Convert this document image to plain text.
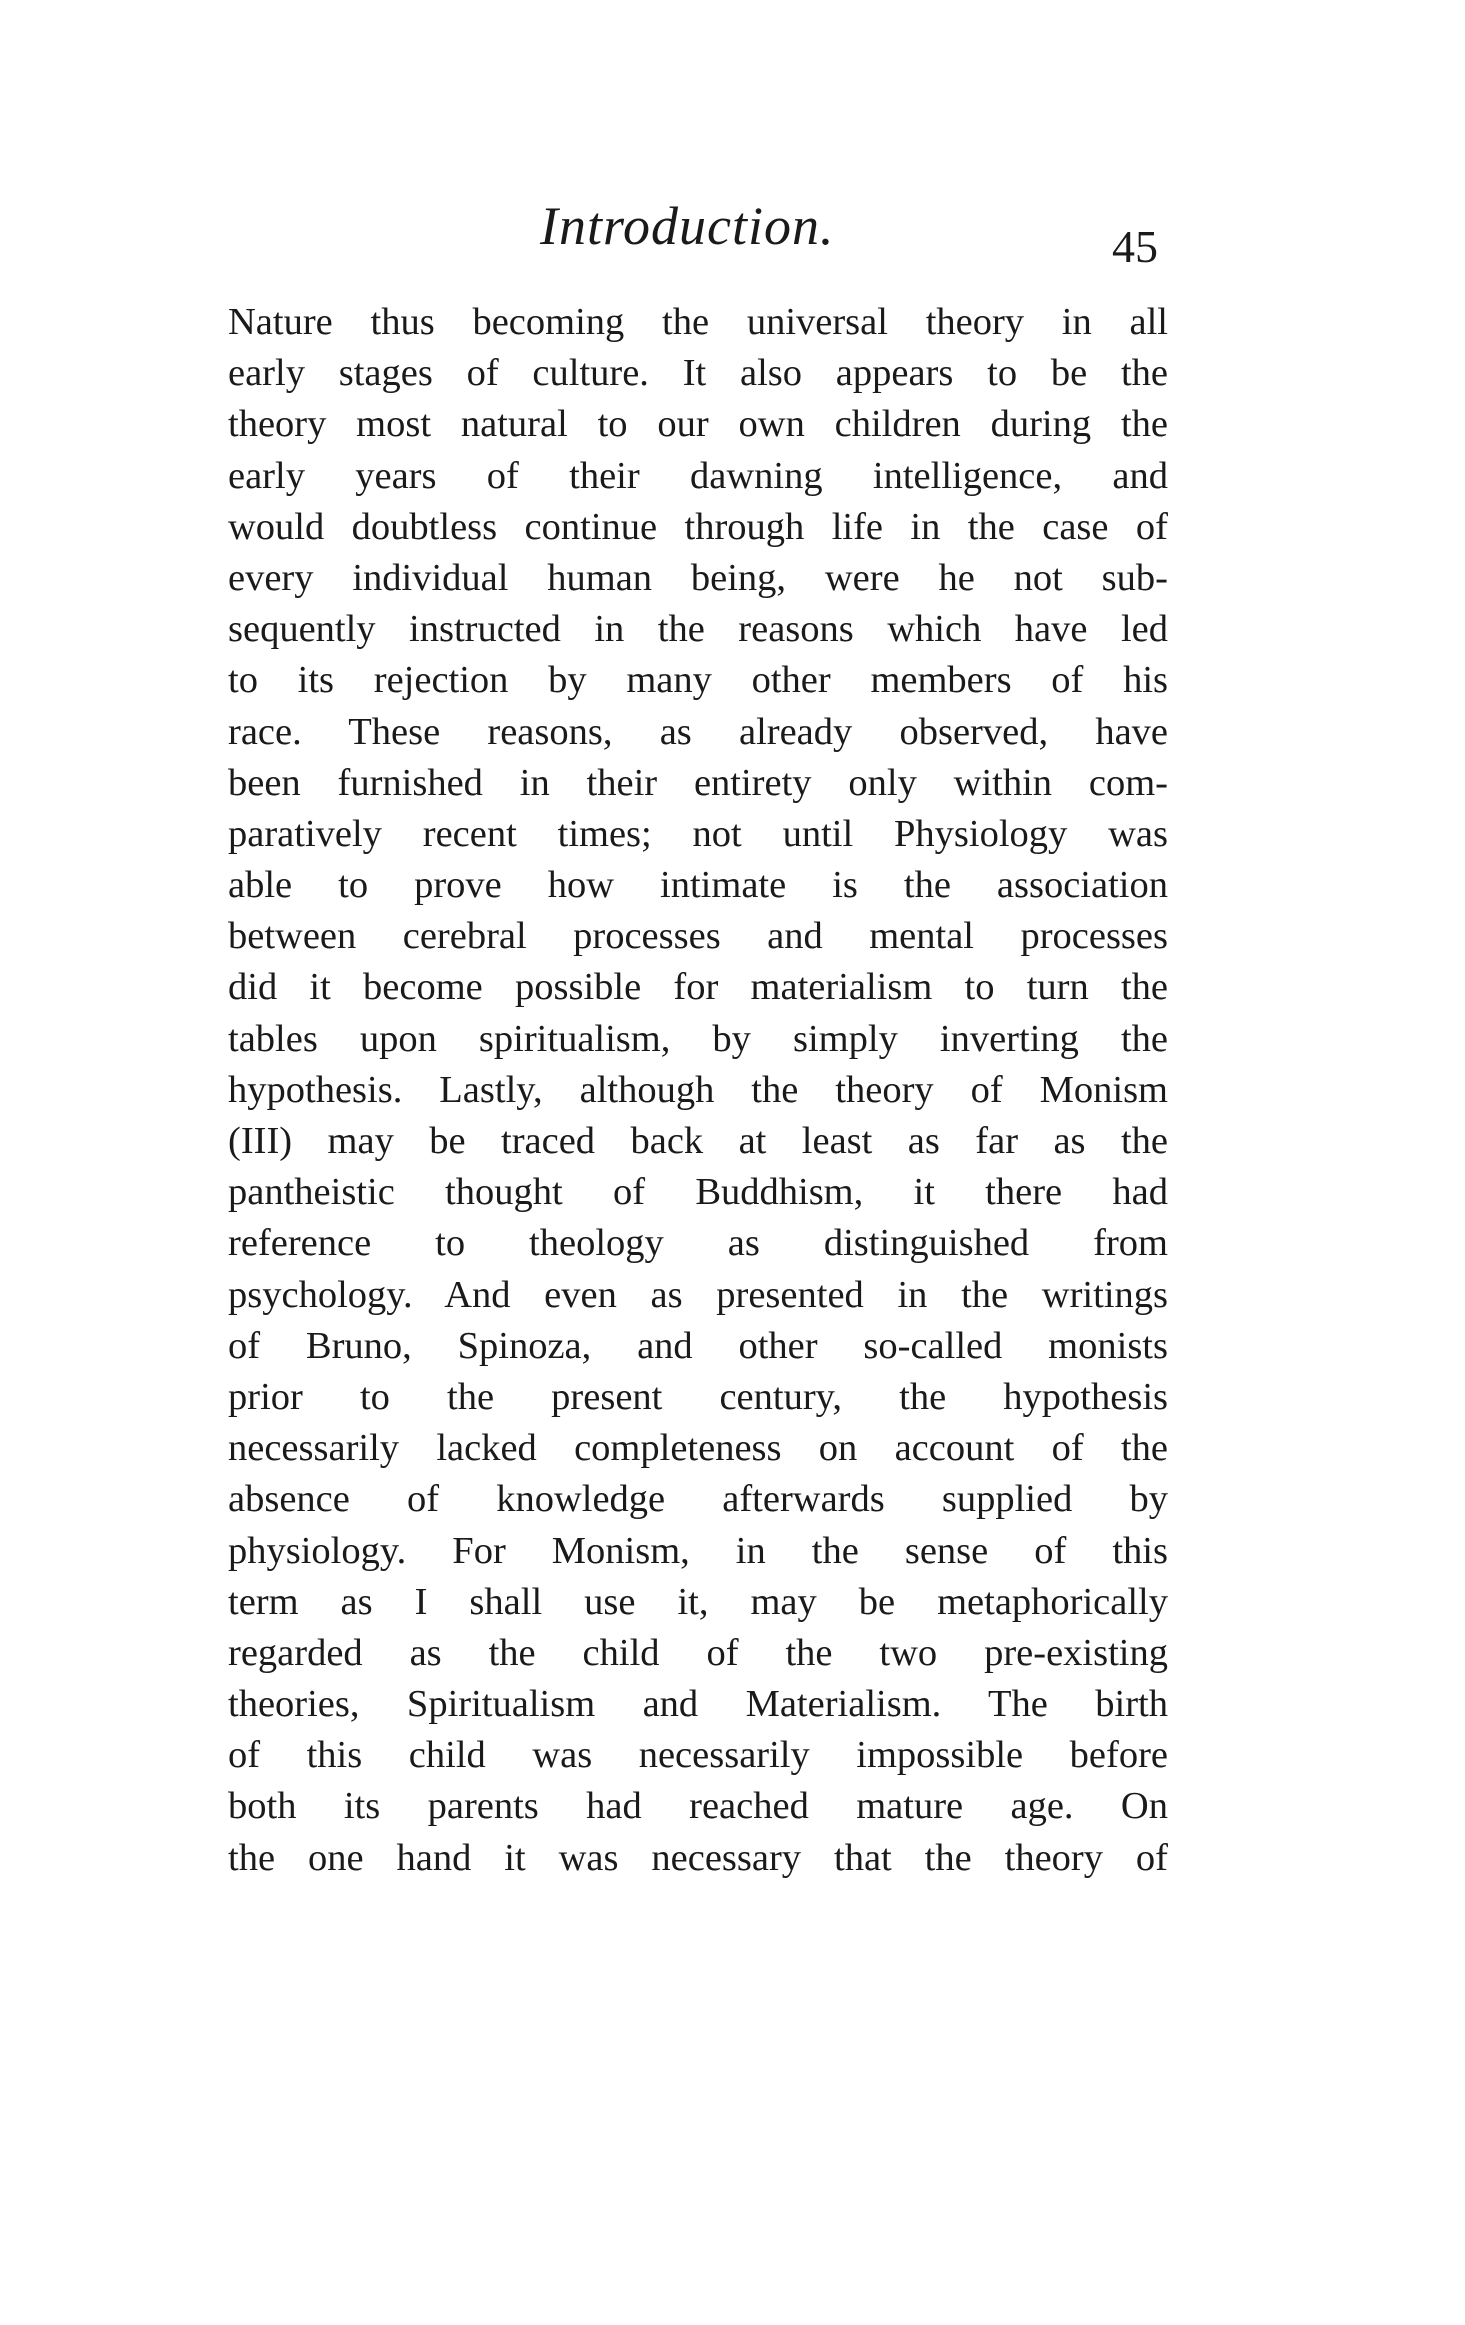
Introduction.	45
Nature thus becoming the universal theory in all
early stages of culture. It also appears to be the
theory most natural to our own children during the
early years of their dawning intelligence, and
would doubtless continue through life in the case of
every individual human being, were he not sub-
sequently instructed in the reasons which have led
to its rejection by many other members of his
race. These reasons, as already observed, have
been furnished in their entirety only within com-
paratively recent times; not until Physiology was
able to prove how intimate is the association
between cerebral processes and mental processes
did it become possible for materialism to turn the
tables upon spiritualism, by simply inverting the
hypothesis. Lastly, although the theory of Monism
(III) may be traced back at least as far as the
pantheistic thought of Buddhism, it there had
reference to theology as distinguished from
psychology. And even as presented in the writings
of Bruno, Spinoza, and other so-called monists
prior to the present century, the hypothesis
necessarily lacked completeness on account of the
absence of knowledge afterwards supplied by
physiology. For Monism, in the sense of this
term as I shall use it, may be metaphorically
regarded as the child of the two pre-existing
theories, Spiritualism and Materialism. The birth
of this child was necessarily impossible before
both its parents had reached mature age. On
the one hand it was necessary that the theory of
